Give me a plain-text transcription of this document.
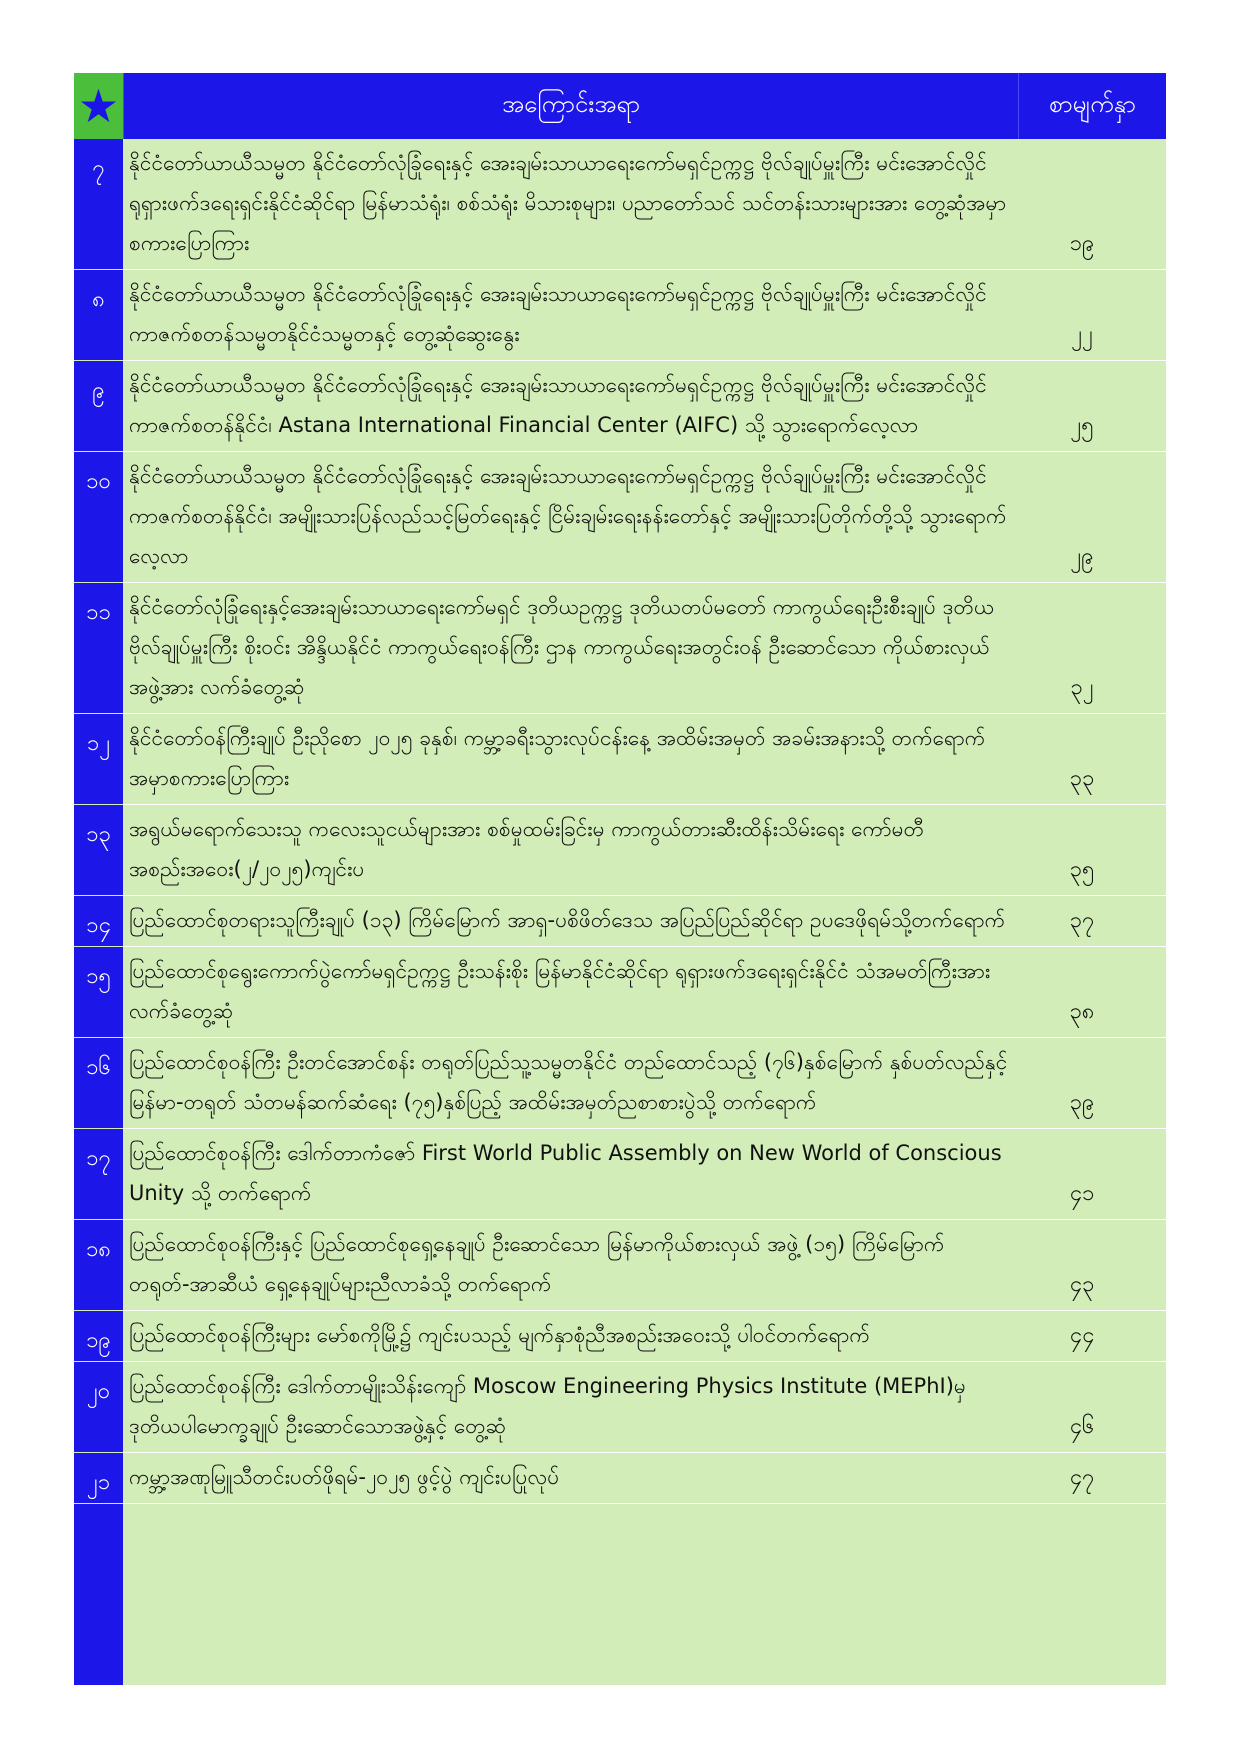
★	အကြောင်းအရာ	စာမျက်နှာ
၇	နိုင်ငံတော်ယာယီသမ္မတ နိုင်ငံတော်လုံခြုံရေးနှင့် အေးချမ်းသာယာရေးကော်မရှင်ဥက္ကဋ္ဌ ဗိုလ်ချုပ်မှူးကြီး မင်းအောင်လှိုင် ရုရှားဖက်ဒရေးရှင်းနိုင်ငံဆိုင်ရာ မြန်မာသံရုံး၊ စစ်သံရုံး မိသားစုများ၊ ပညာတော်သင် သင်တန်းသားများအား တွေ့ဆုံအမှာစကားပြောကြား	၁၉
၈	နိုင်ငံတော်ယာယီသမ္မတ နိုင်ငံတော်လုံခြုံရေးနှင့် အေးချမ်းသာယာရေးကော်မရှင်ဥက္ကဋ္ဌ ဗိုလ်ချုပ်မှူးကြီး မင်းအောင်လှိုင် ကာဇက်စတန်သမ္မတနိုင်ငံသမ္မတနှင့် တွေ့ဆုံဆွေးနွေး	၂၂
၉	နိုင်ငံတော်ယာယီသမ္မတ နိုင်ငံတော်လုံခြုံရေးနှင့် အေးချမ်းသာယာရေးကော်မရှင်ဥက္ကဋ္ဌ ဗိုလ်ချုပ်မှူးကြီး မင်းအောင်လှိုင် ကာဇက်စတန်နိုင်ငံ၊ Astana International Financial Center (AIFC) သို့ သွားရောက်လေ့လာ	၂၅
၁၀ နိုင်ငံတော်ယာယီသမ္မတ နိုင်ငံတော်လုံခြုံရေးနှင့် အေးချမ်းသာယာရေးကော်မရှင်ဥက္ကဋ္ဌ ဗိုလ်ချုပ်မှူးကြီး မင်းအောင်လှိုင် ကာဇက်စတန်နိုင်ငံ၊ အမျိုးသားပြန်လည်သင့်မြတ်ရေးနှင့် ငြိမ်းချမ်းရေးနန်းတော်နှင့် အမျိုးသားပြတိုက်တို့သို့ သွားရောက်လေ့လာ	၂၉
၁၁ နိုင်ငံတော်လုံခြုံရေးနှင့်အေးချမ်းသာယာရေးကော်မရှင် ဒုတိယဥက္ကဋ္ဌ ဒုတိယတပ်မတော် ကာကွယ်ရေးဦးစီးချုပ် ဒုတိယဗိုလ်ချုပ်မှူးကြီး စိုးဝင်း အိန္ဒိယနိုင်ငံ ကာကွယ်ရေးဝန်ကြီး ဌာန ကာကွယ်ရေးအတွင်းဝန် ဦးဆောင်သော ကိုယ်စားလှယ်အဖွဲ့အား လက်ခံတွေ့ဆုံ	၃၂
၁၂ နိုင်ငံတော်ဝန်ကြီးချုပ် ဦးညိုစော ၂၀၂၅ ခုနှစ်၊ ကမ္ဘာ့ခရီးသွားလုပ်ငန်းနေ့ အထိမ်းအမှတ် အခမ်းအနားသို့ တက်ရောက်အမှာစကားပြောကြား	၃၃
၁၃ အရွယ်မရောက်သေးသူ ကလေးသူငယ်များအား စစ်မှုထမ်းခြင်းမှ ကာကွယ်တားဆီးထိန်းသိမ်းရေး ကော်မတီအစည်းအဝေး(၂/၂၀၂၅)ကျင်းပ	၃၅
၁၄ ပြည်ထောင်စုတရားသူကြီးချုပ် (၁၃) ကြိမ်မြောက် အာရှ-ပစိဖိတ်ဒေသ အပြည်ပြည်ဆိုင်ရာ ဥပဒေဖိုရမ်သို့တက်ရောက်	၃၇
၁၅ ပြည်ထောင်စုရွေးကောက်ပွဲကော်မရှင်ဥက္ကဋ္ဌ ဦးသန်းစိုး မြန်မာနိုင်ငံဆိုင်ရာ ရုရှားဖက်ဒရေးရှင်းနိုင်ငံ သံအမတ်ကြီးအား လက်ခံတွေ့ဆုံ	၃၈
၁၆ ပြည်ထောင်စုဝန်ကြီး ဦးတင်အောင်စန်း တရုတ်ပြည်သူ့သမ္မတနိုင်ငံ တည်ထောင်သည့် (၇၆)နှစ်မြောက် နှစ်ပတ်လည်နှင့် မြန်မာ-တရုတ် သံတမန်ဆက်ဆံရေး (၇၅)နှစ်ပြည့် အထိမ်းအမှတ်ညစာစားပွဲသို့ တက်ရောက်	၃၉
၁၇ ပြည်ထောင်စုဝန်ကြီး ဒေါက်တာကံဇော် First World Public Assembly on New World of Conscious Unity သို့ တက်ရောက်	၄၁
၁၈ ပြည်ထောင်စုဝန်ကြီးနှင့် ပြည်ထောင်စုရှေ့နေချုပ် ဦးဆောင်သော မြန်မာကိုယ်စားလှယ် အဖွဲ့ (၁၅) ကြိမ်မြောက် တရုတ်-အာဆီယံ ရှေ့နေချုပ်များညီလာခံသို့ တက်ရောက်	၄၃
၁၉ ပြည်ထောင်စုဝန်ကြီးများ မော်စကိုမြို့၌ ကျင်းပသည့် မျက်နှာစုံညီအစည်းအဝေးသို့ ပါဝင်တက်ရောက်	၄၄
၂၀ ပြည်ထောင်စုဝန်ကြီး ဒေါက်တာမျိုးသိန်းကျော် Moscow Engineering Physics Institute (MEPhI)မှ ဒုတိယပါမောက္ခချုပ် ဦးဆောင်သောအဖွဲ့နှင့် တွေ့ဆုံ	၄၆
၂၁ ကမ္ဘာ့အဏုမြူသီတင်းပတ်ဖိုရမ်-၂၀၂၅ ဖွင့်ပွဲ ကျင်းပပြုလုပ်	၄၇
